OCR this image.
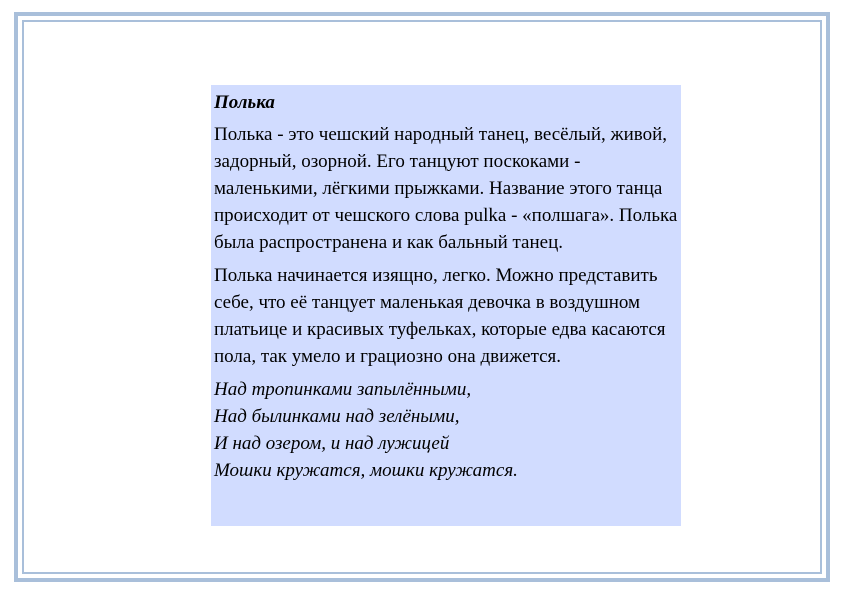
Полька

Полька - это чешский народный танец, весёлый, живой, задорный, озорной. Его танцуют поскоками - маленькими, лёгкими прыжками. Название этого танца происходит от чешского слова pulka - «полшага». Полька была распространена и как бальный танец.

Полька начинается изящно, легко. Можно представить себе, что её танцует маленькая девочка в воздушном платьице и красивых туфельках, которые едва касаются пола, так умело и грациозно она движется.

Над тропинками запылёнными,
Над былинками над зелёными,
И над озером, и над лужицей
Мошки кружатся, мошки кружатся.
